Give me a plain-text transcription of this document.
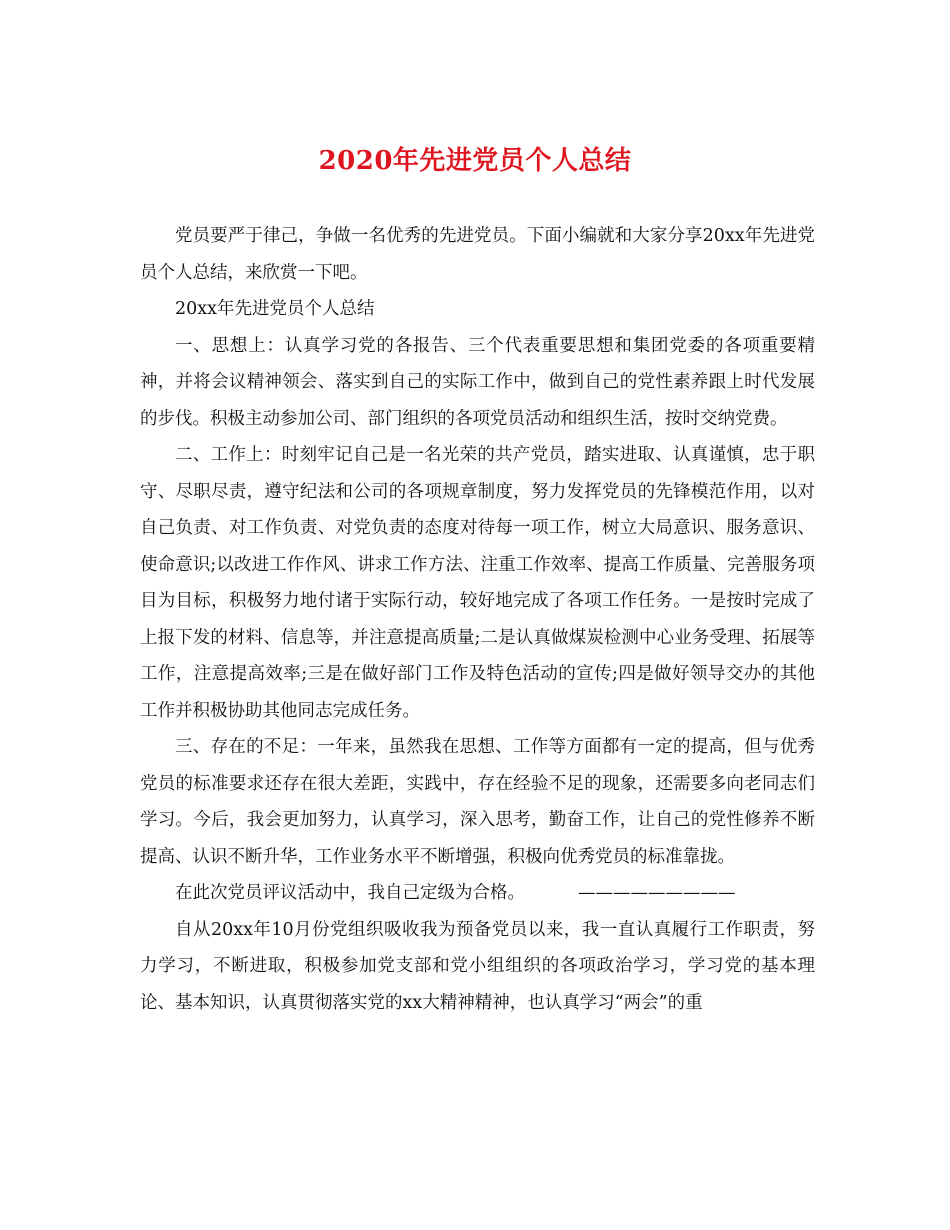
2020年先进党员个人总结

党员要严于律己，争做一名优秀的先进党员。下面小编就和大家分享20xx年先进党员个人总结，来欣赏一下吧。

20xx年先进党员个人总结

一、思想上：认真学习党的各报告、三个代表重要思想和集团党委的各项重要精神，并将会议精神领会、落实到自己的实际工作中，做到自己的党性素养跟上时代发展的步伐。积极主动参加公司、部门组织的各项党员活动和组织生活，按时交纳党费。

二、工作上：时刻牢记自己是一名光荣的共产党员，踏实进取、认真谨慎，忠于职守、尽职尽责，遵守纪法和公司的各项规章制度，努力发挥党员的先锋模范作用，以对自己负责、对工作负责、对党负责的态度对待每一项工作，树立大局意识、服务意识、使命意识;以改进工作作风、讲求工作方法、注重工作效率、提高工作质量、完善服务项目为目标，积极努力地付诸于实际行动，较好地完成了各项工作任务。一是按时完成了上报下发的材料、信息等，并注意提高质量;二是认真做煤炭检测中心业务受理、拓展等工作，注意提高效率;三是在做好部门工作及特色活动的宣传;四是做好领导交办的其他工作并积极协助其他同志完成任务。

三、存在的不足：一年来，虽然我在思想、工作等方面都有一定的提高，但与优秀党员的标准要求还存在很大差距，实践中，存在经验不足的现象，还需要多向老同志们学习。今后，我会更加努力，认真学习，深入思考，勤奋工作，让自己的党性修养不断提高、认识不断升华，工作业务水平不断增强，积极向优秀党员的标准靠拢。

在此次党员评议活动中，我自己定级为合格。	—————————

自从20xx年10月份党组织吸收我为预备党员以来，我一直认真履行工作职责，努力学习，不断进取，积极参加党支部和党小组组织的各项政治学习，学习党的基本理论、基本知识，认真贯彻落实党的xx大精神精神，也认真学习“两会”的重
